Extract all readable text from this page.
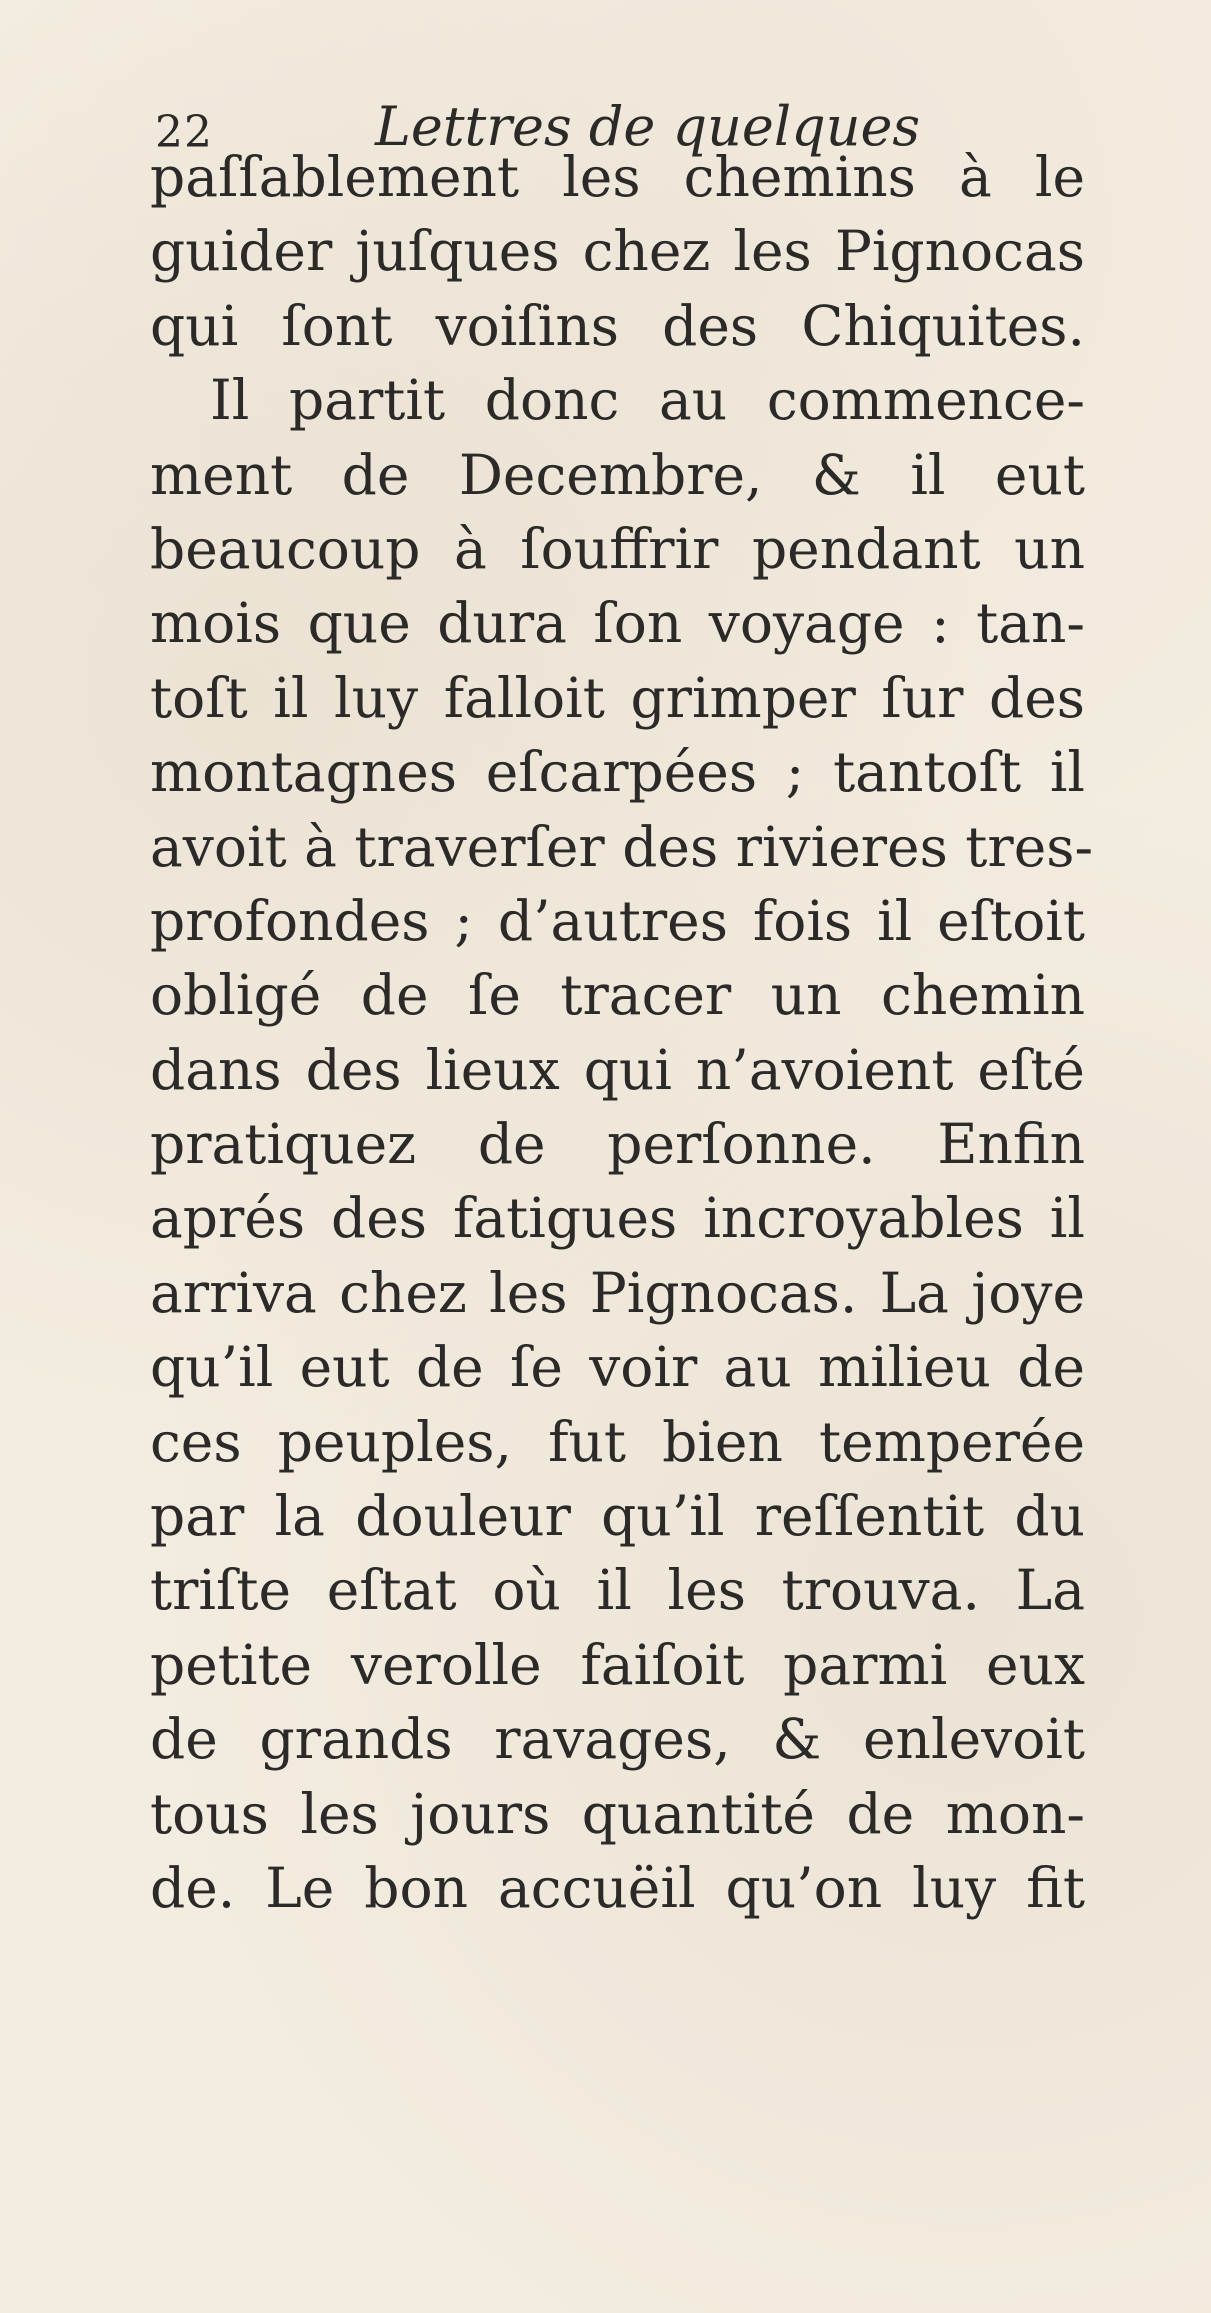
22	Lettres de quelques
paſſablement les chemins à le
guider juſques chez les Pignocas
qui ſont voiſins des Chiquites.
Il partit donc au commence-
ment de Decembre, & il eut
beaucoup à ſouffrir pendant un
mois que dura ſon voyage : tan-
toſt il luy falloit grimper ſur des
montagnes eſcarpées ; tantoſt il
avoit à traverſer des rivieres tres-
profondes ; d’autres fois il eſtoit
obligé de ſe tracer un chemin
dans des lieux qui n’avoient eſté
pratiquez de perſonne. Enfin
aprés des fatigues incroyables il
arriva chez les Pignocas. La joye
qu’il eut de ſe voir au milieu de
ces peuples, fut bien temperée
par la douleur qu’il reſſentit du
triſte eſtat où il les trouva. La
petite verolle faiſoit parmi eux
de grands ravages, & enlevoit
tous les jours quantité de mon-
de. Le bon accuëil qu’on luy fit
